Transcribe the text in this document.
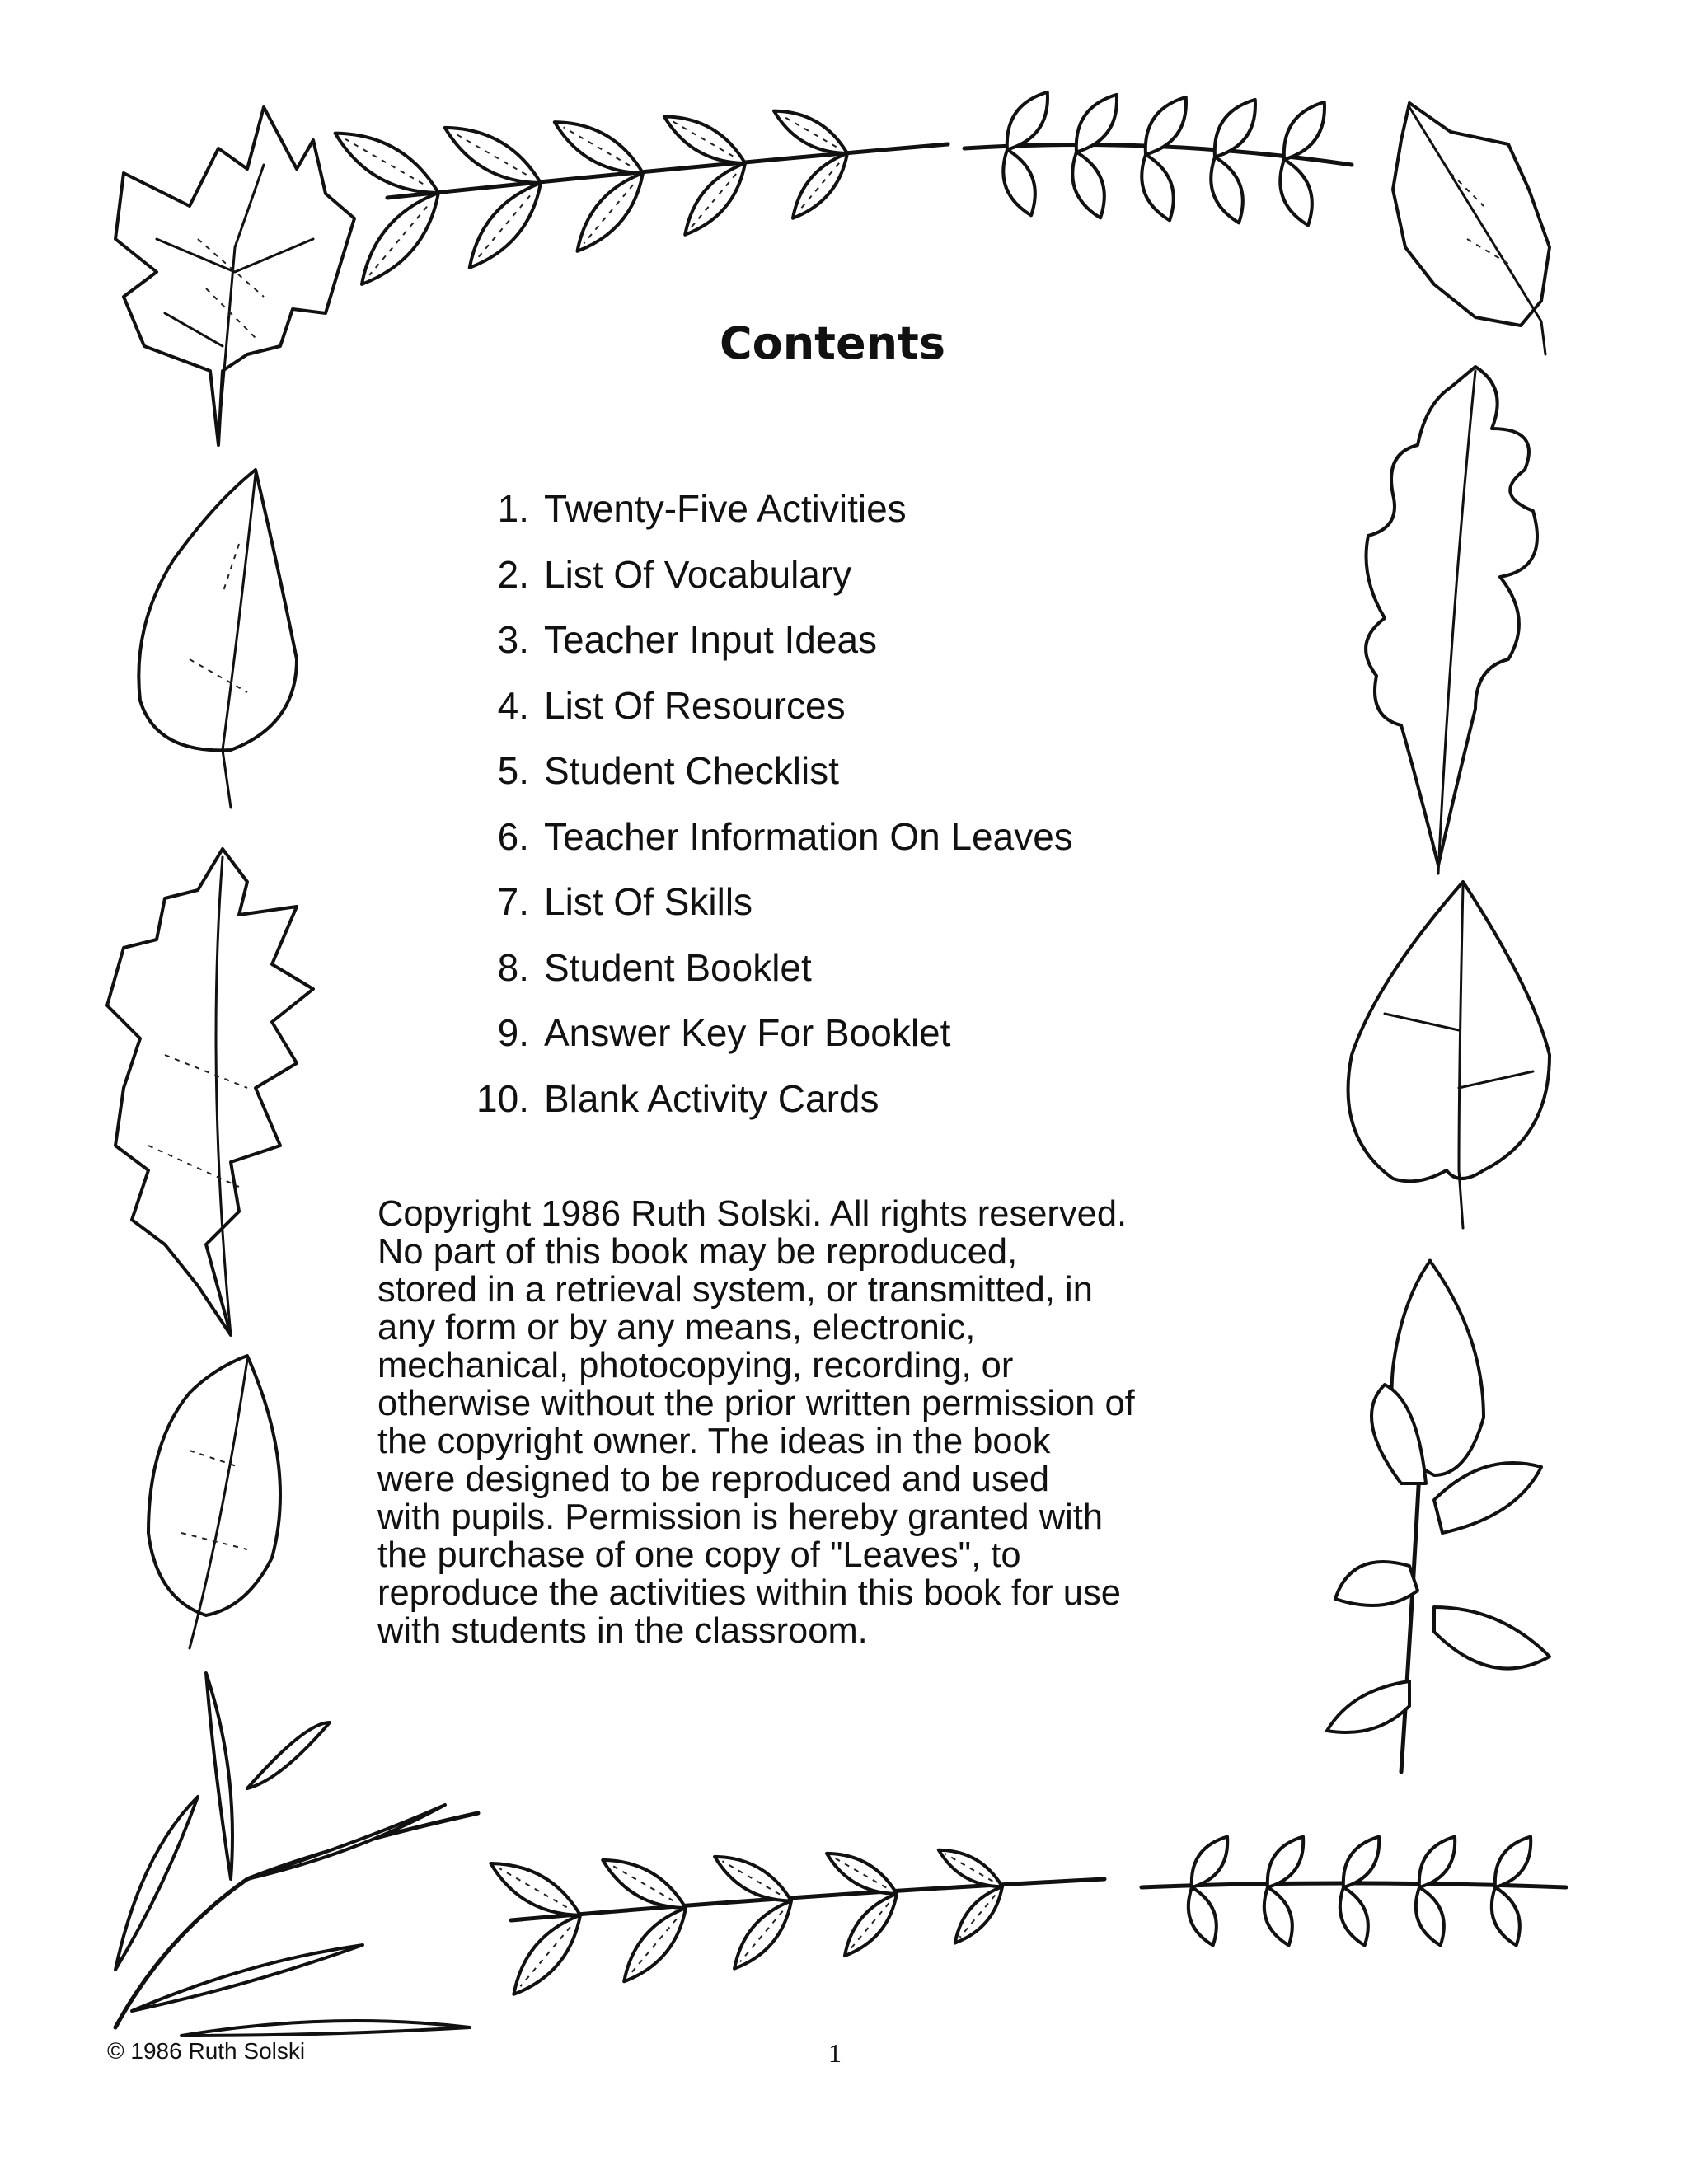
Contents
1. Twenty-Five Activities
2. List Of Vocabulary
3. Teacher Input Ideas
4. List Of Resources
5. Student Checklist
6. Teacher Information On Leaves
7. List Of Skills
8. Student Booklet
9. Answer Key For Booklet
10. Blank Activity Cards
Copyright 1986 Ruth Solski. All rights reserved.
No part of this book may be reproduced,
stored in a retrieval system, or transmitted, in
any form or by any means, electronic,
mechanical, photocopying, recording, or
otherwise without the prior written permission of
the copyright owner. The ideas in the book
were designed to be reproduced and used
with pupils. Permission is hereby granted with
the purchase of one copy of "Leaves", to
reproduce the activities within this book for use
with students in the classroom.
© 1986 Ruth Solski	1
